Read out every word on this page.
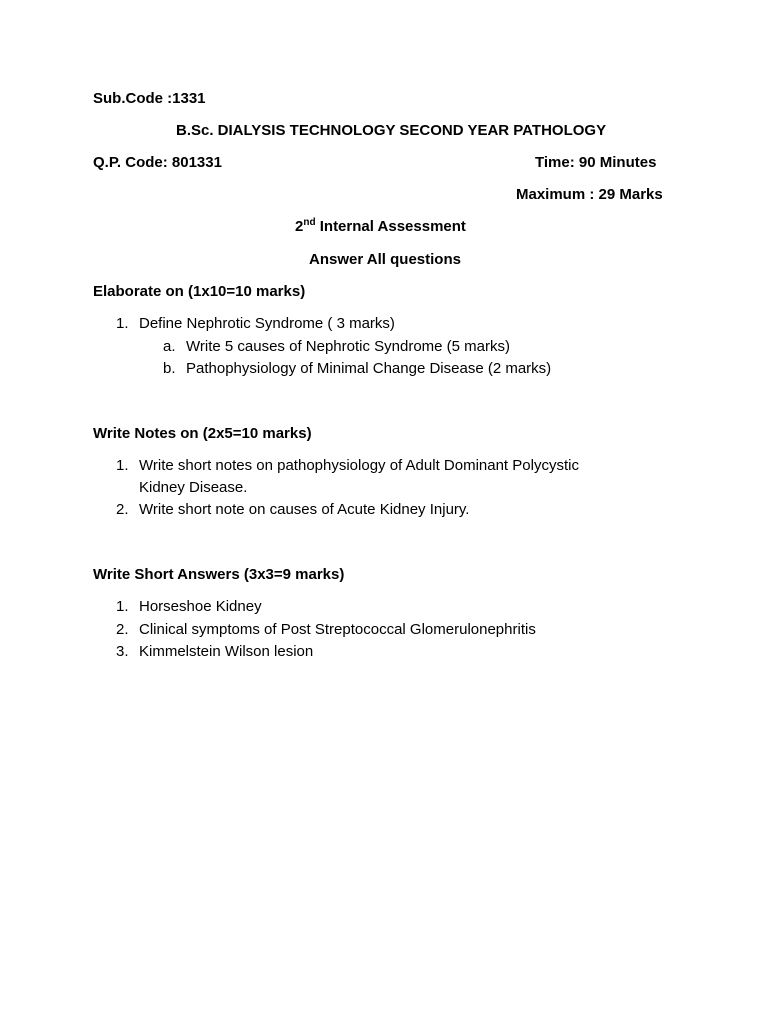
Sub.Code :1331
B.Sc. DIALYSIS TECHNOLOGY SECOND YEAR PATHOLOGY
Q.P. Code: 801331	Time: 90 Minutes
Maximum : 29 Marks
2nd Internal Assessment
Answer All questions
Elaborate on (1x10=10 marks)
1. Define Nephrotic Syndrome ( 3 marks)
a. Write 5 causes of Nephrotic Syndrome (5 marks)
b. Pathophysiology of Minimal Change Disease (2 marks)
Write Notes on (2x5=10 marks)
1. Write short notes on pathophysiology of Adult Dominant Polycystic
Kidney Disease.
2. Write short note on causes of Acute Kidney Injury.
Write Short Answers (3x3=9 marks)
1. Horseshoe Kidney
2. Clinical symptoms of Post Streptococcal Glomerulonephritis
3. Kimmelstein Wilson lesion
